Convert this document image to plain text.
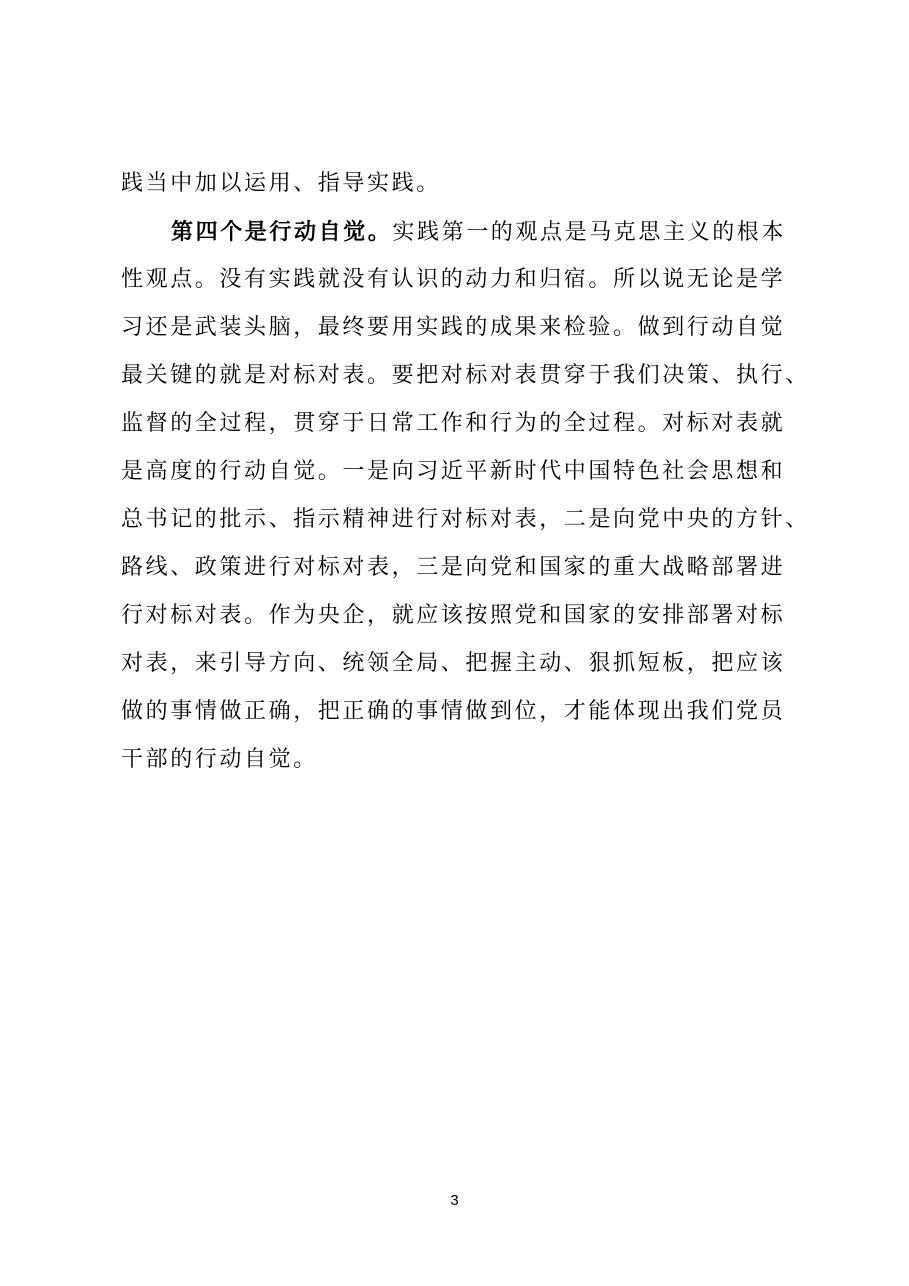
践当中加以运用、指导实践。
第四个是行动自觉。实践第一的观点是马克思主义的根本
性观点。没有实践就没有认识的动力和归宿。所以说无论是学
习还是武装头脑，最终要用实践的成果来检验。做到行动自觉
最关键的就是对标对表。要把对标对表贯穿于我们决策、执行、
监督的全过程，贯穿于日常工作和行为的全过程。对标对表就
是高度的行动自觉。一是向习近平新时代中国特色社会思想和
总书记的批示、指示精神进行对标对表，二是向党中央的方针、
路线、政策进行对标对表，三是向党和国家的重大战略部署进
行对标对表。作为央企，就应该按照党和国家的安排部署对标
对表，来引导方向、统领全局、把握主动、狠抓短板，把应该
做的事情做正确，把正确的事情做到位，才能体现出我们党员
干部的行动自觉。
3
